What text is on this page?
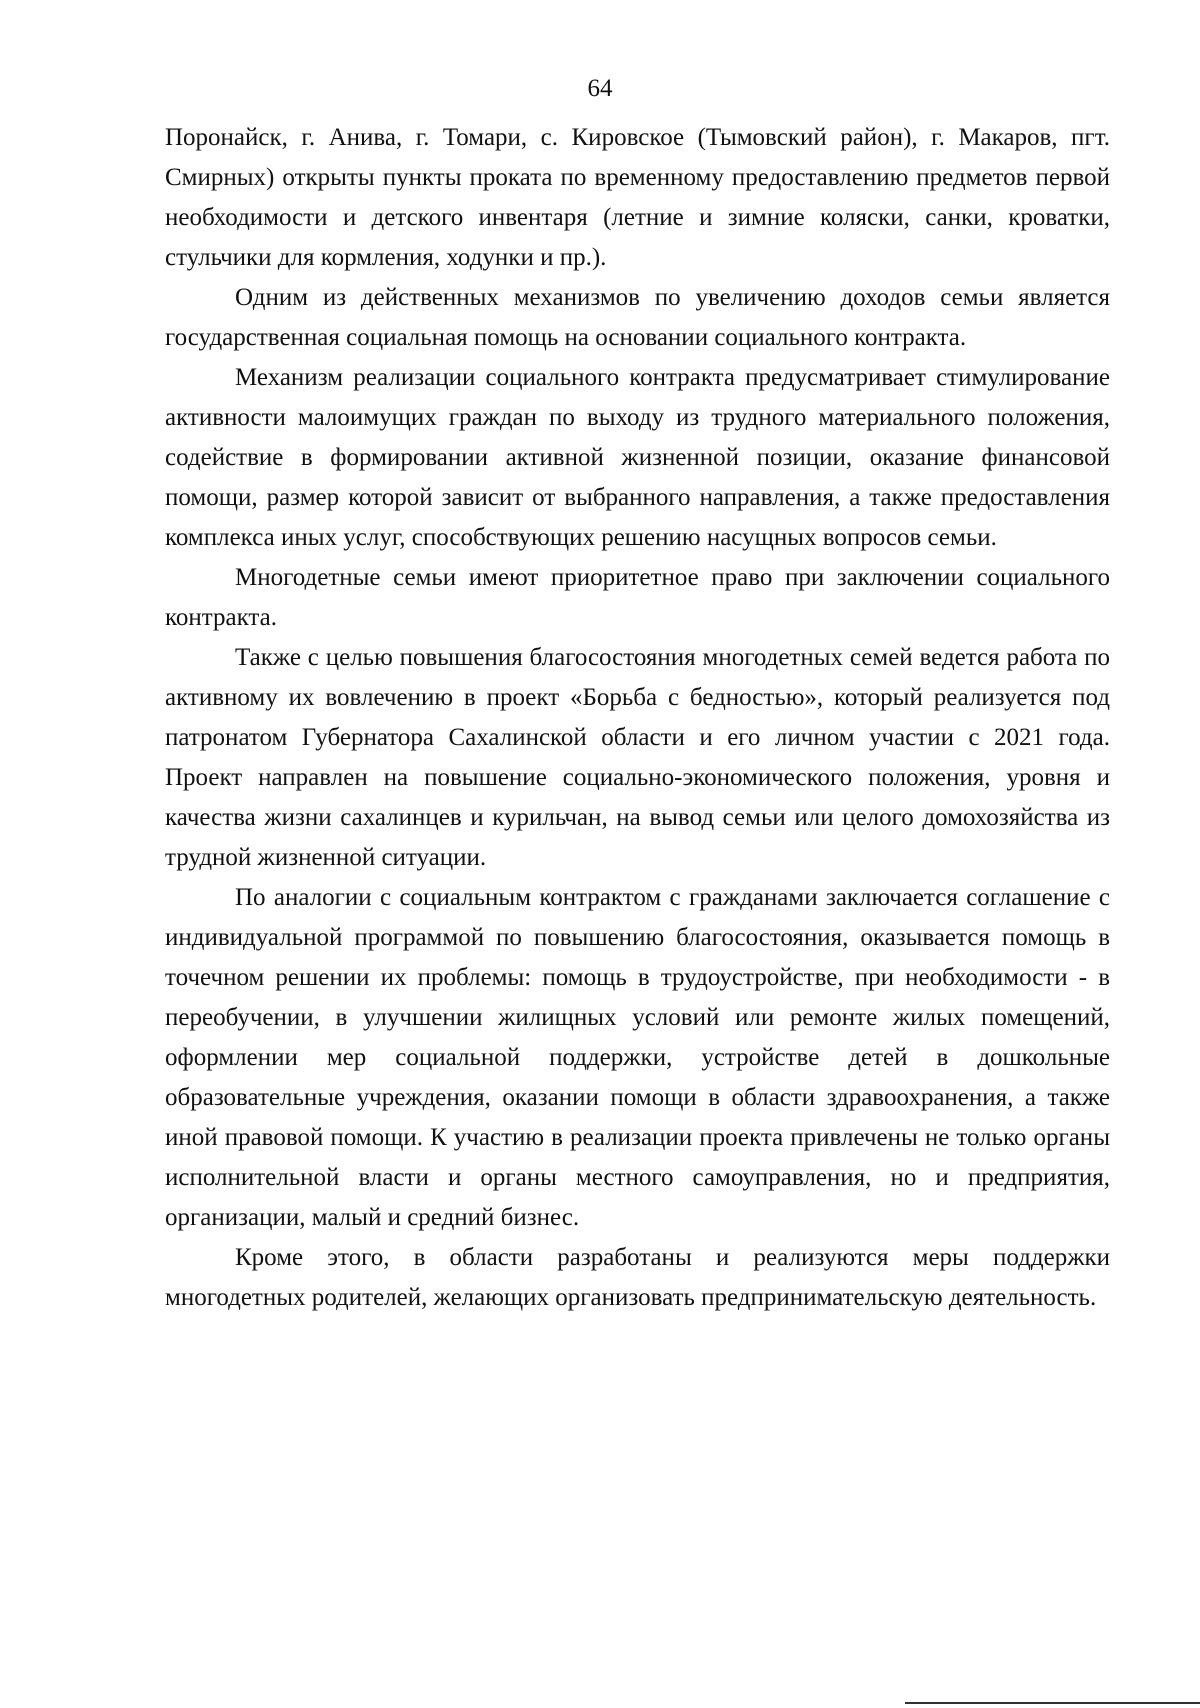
64

Поронайск, г. Анива, г. Томари, с. Кировское (Тымовский район), г. Макаров, пгт. Смирных) открыты пункты проката по временному предоставлению предметов первой необходимости и детского инвентаря (летние и зимние коляски, санки, кроватки, стульчики для кормления, ходунки и пр.).

Одним из действенных механизмов по увеличению доходов семьи является государственная социальная помощь на основании социального контракта.

Механизм реализации социального контракта предусматривает стимулирование активности малоимущих граждан по выходу из трудного материального положения, содействие в формировании активной жизненной позиции, оказание финансовой помощи, размер которой зависит от выбранного направления, а также предоставления комплекса иных услуг, способствующих решению насущных вопросов семьи.

Многодетные семьи имеют приоритетное право при заключении социального контракта.

Также с целью повышения благосостояния многодетных семей ведется работа по активному их вовлечению в проект «Борьба с бедностью», который реализуется под патронатом Губернатора Сахалинской области и его личном участии с 2021 года. Проект направлен на повышение социально-экономического положения, уровня и качества жизни сахалинцев и курильчан, на вывод семьи или целого домохозяйства из трудной жизненной ситуации.

По аналогии с социальным контрактом с гражданами заключается соглашение с индивидуальной программой по повышению благосостояния, оказывается помощь в точечном решении их проблемы: помощь в трудоустройстве, при необходимости - в переобучении, в улучшении жилищных условий или ремонте жилых помещений, оформлении мер социальной поддержки, устройстве детей в дошкольные образовательные учреждения, оказании помощи в области здравоохранения, а также иной правовой помощи. К участию в реализации проекта привлечены не только органы исполнительной власти и органы местного самоуправления, но и предприятия, организации, малый и средний бизнес.

Кроме этого, в области разработаны и реализуются меры поддержки многодетных родителей, желающих организовать предпринимательскую деятельность.
